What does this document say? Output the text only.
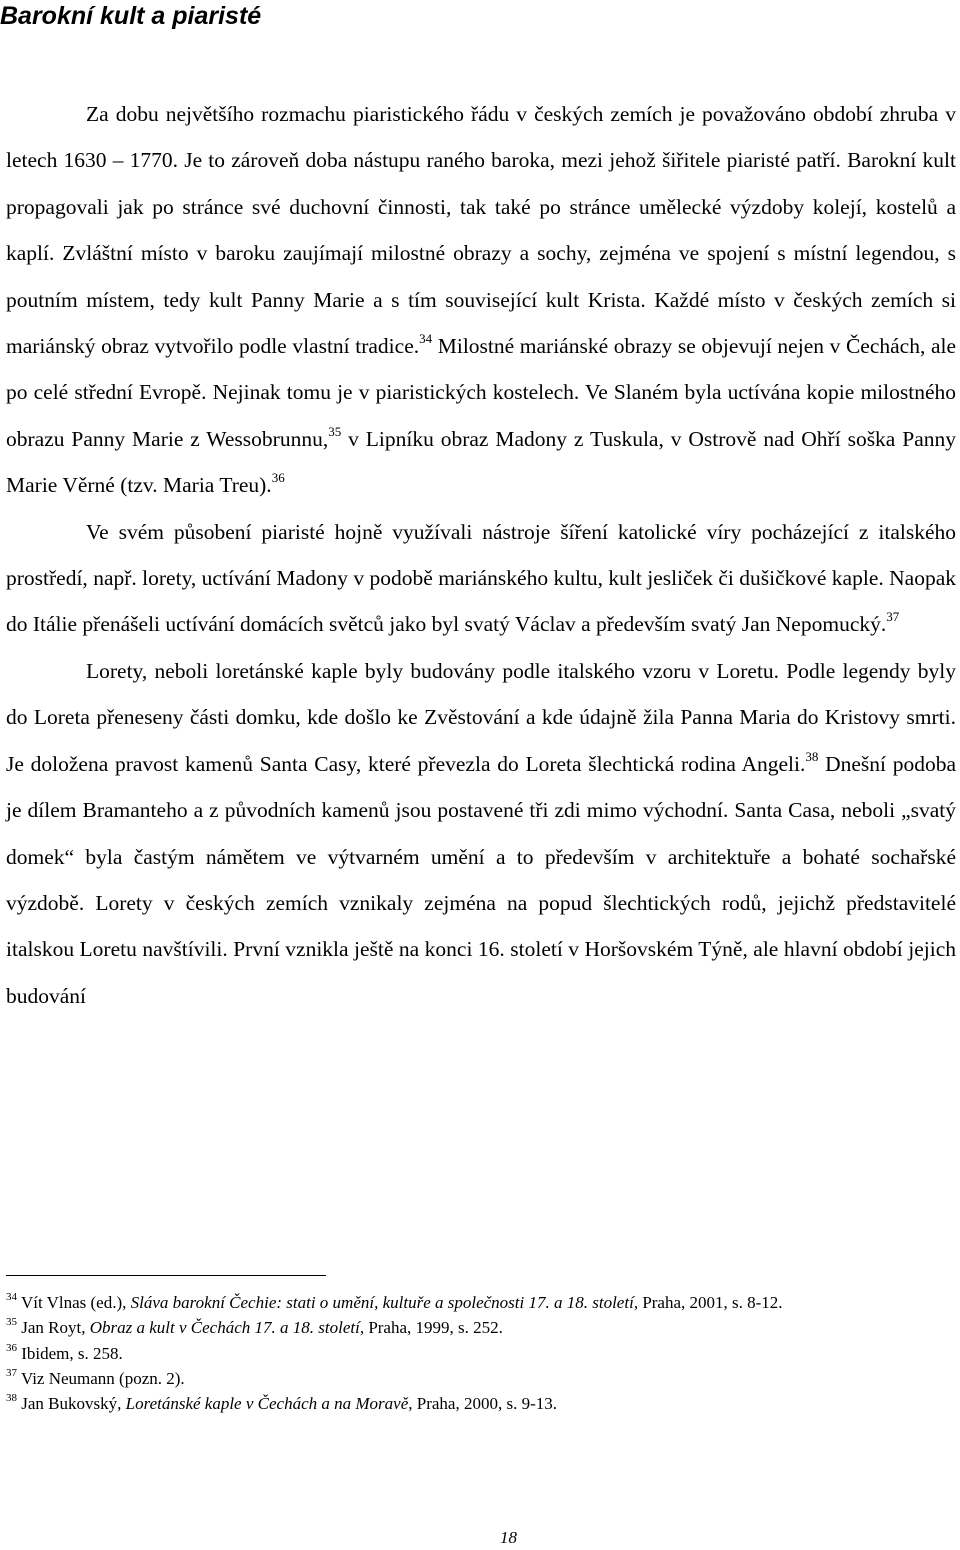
Barokní kult a piaristé

Za dobu největšího rozmachu piaristického řádu v českých zemích je považováno období zhruba v letech 1630 – 1770. Je to zároveň doba nástupu raného baroka, mezi jehož šiřitele piaristé patří. Barokní kult propagovali jak po stránce své duchovní činnosti, tak také po stránce umělecké výzdoby kolejí, kostelů a kaplí. Zvláštní místo v baroku zaujímají milostné obrazy a sochy, zejména ve spojení s místní legendou, s poutním místem, tedy kult Panny Marie a s tím související kult Krista. Každé místo v českých zemích si mariánský obraz vytvořilo podle vlastní tradice.$^{34}$ Milostné mariánské obrazy se objevují nejen v Čechách, ale po celé střední Evropě. Nejinak tomu je v piaristických kostelech. Ve Slaném byla uctívána kopie milostného obrazu Panny Marie z Wessobrunnu,$^{35}$ v Lipníku obraz Madony z Tuskula, v Ostrově nad Ohří soška Panny Marie Věrné (tzv. Maria Treu).$^{36}$

Ve svém působení piaristé hojně využívali nástroje šíření katolické víry pocházející z italského prostředí, např. lorety, uctívání Madony v podobě mariánského kultu, kult jesliček či dušičkové kaple. Naopak do Itálie přenášeli uctívání domácích světců jako byl svatý Václav a především svatý Jan Nepomucký.$^{37}$

Lorety, neboli loretánské kaple byly budovány podle italského vzoru v Loretu. Podle legendy byly do Loreta přeneseny části domku, kde došlo ke Zvěstování a kde údajně žila Panna Maria do Kristovy smrti. Je doložena pravost kamenů Santa Casy, které převezla do Loreta šlechtická rodina Angeli.$^{38}$ Dnešní podoba je dílem Bramanteho a z původních kamenů jsou postavené tři zdi mimo východní. Santa Casa, neboli „svatý domek“ byla častým námětem ve výtvarném umění a to především v architektuře a bohaté sochařské výzdobě. Lorety v českých zemích vznikaly zejména na popud šlechtických rodů, jejichž představitelé italskou Loretu navštívili. První vznikla ještě na konci 16. století v Horšovském Týně, ale hlavní období jejich budování

$^{34}$ Vít Vlnas (ed.), Sláva barokní Čechie: stati o umění, kultuře a společnosti 17. a 18. století, Praha, 2001, s. 8-12.

$^{35}$ Jan Royt, Obraz a kult v Čechách 17. a 18. století, Praha, 1999, s. 252.

$^{36}$ Ibidem, s. 258.

$^{37}$ Viz Neumann (pozn. 2).

$^{38}$ Jan Bukovský, Loretánské kaple v Čechách a na Moravě, Praha, 2000, s. 9-13.

18
